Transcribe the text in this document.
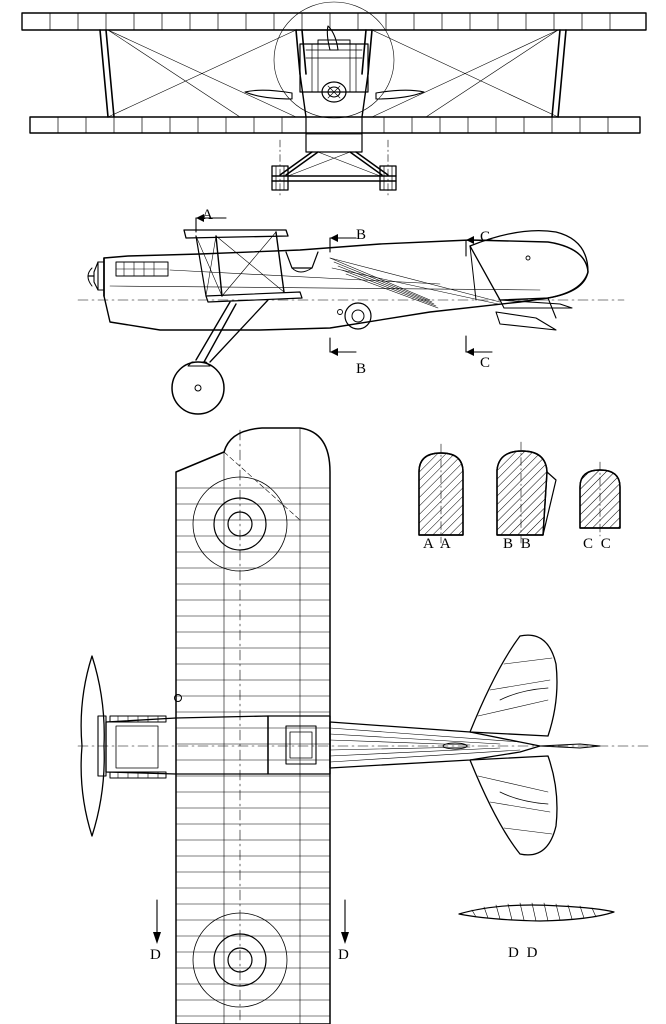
A
B
B
C
C
D	D
A A	B B	C C
D D
